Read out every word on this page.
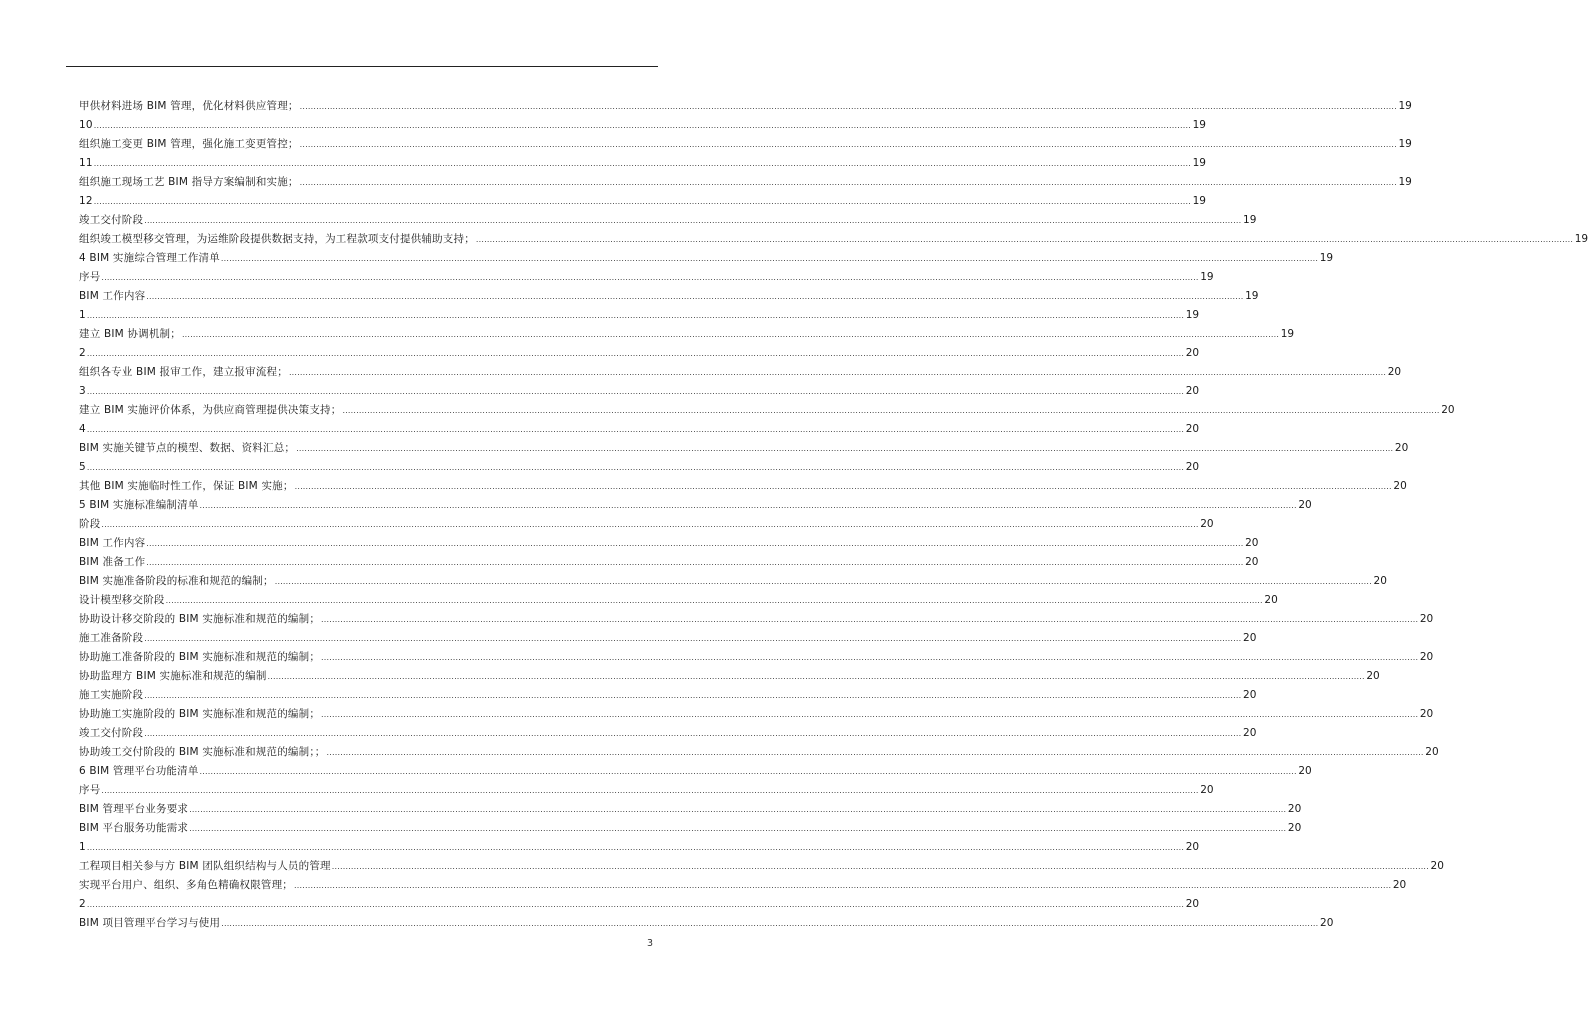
甲供材料进场 BIM 管理，优化材料供应管理； ................................................................................................................................................................................................................................................................................................................................................................................................................ 19
10 ................................................................................................................................................................................................................................................................................................................................................................................................................ 19
组织施工变更 BIM 管理，强化施工变更管控； ................................................................................................................................................................................................................................................................................................................................................................................................................ 19
11 ................................................................................................................................................................................................................................................................................................................................................................................................................ 19
组织施工现场工艺 BIM 指导方案编制和实施； ................................................................................................................................................................................................................................................................................................................................................................................................................ 19
12 ................................................................................................................................................................................................................................................................................................................................................................................................................ 19
竣工交付阶段 ................................................................................................................................................................................................................................................................................................................................................................................................................ 19
组织竣工模型移交管理，为运维阶段提供数据支持，为工程款项支付提供辅助支持； ................................................................................................................................................................................................................................................................................................................................................................................................................ 19
4 BIM 实施综合管理工作清单 ................................................................................................................................................................................................................................................................................................................................................................................................................ 19
序号 ................................................................................................................................................................................................................................................................................................................................................................................................................ 19
BIM 工作内容 ................................................................................................................................................................................................................................................................................................................................................................................................................ 19
1 ................................................................................................................................................................................................................................................................................................................................................................................................................ 19
建立 BIM 协调机制； ................................................................................................................................................................................................................................................................................................................................................................................................................ 19
2 ................................................................................................................................................................................................................................................................................................................................................................................................................ 20
组织各专业 BIM 报审工作，建立报审流程； ................................................................................................................................................................................................................................................................................................................................................................................................................ 20
3 ................................................................................................................................................................................................................................................................................................................................................................................................................ 20
建立 BIM 实施评价体系，为供应商管理提供决策支持； ................................................................................................................................................................................................................................................................................................................................................................................................................ 20
4 ................................................................................................................................................................................................................................................................................................................................................................................................................ 20
BIM 实施关键节点的模型、数据、资料汇总； ................................................................................................................................................................................................................................................................................................................................................................................................................ 20
5 ................................................................................................................................................................................................................................................................................................................................................................................................................ 20
其他 BIM 实施临时性工作，保证 BIM 实施； ................................................................................................................................................................................................................................................................................................................................................................................................................ 20
5 BIM 实施标准编制清单 ................................................................................................................................................................................................................................................................................................................................................................................................................ 20
阶段 ................................................................................................................................................................................................................................................................................................................................................................................................................ 20
BIM 工作内容 ................................................................................................................................................................................................................................................................................................................................................................................................................ 20
BIM 准备工作 ................................................................................................................................................................................................................................................................................................................................................................................................................ 20
BIM 实施准备阶段的标准和规范的编制； ................................................................................................................................................................................................................................................................................................................................................................................................................ 20
设计模型移交阶段 ................................................................................................................................................................................................................................................................................................................................................................................................................ 20
协助设计移交阶段的 BIM 实施标准和规范的编制； ................................................................................................................................................................................................................................................................................................................................................................................................................ 20
施工准备阶段 ................................................................................................................................................................................................................................................................................................................................................................................................................ 20
协助施工准备阶段的 BIM 实施标准和规范的编制； ................................................................................................................................................................................................................................................................................................................................................................................................................ 20
协助监理方 BIM 实施标准和规范的编制 ................................................................................................................................................................................................................................................................................................................................................................................................................ 20
施工实施阶段 ................................................................................................................................................................................................................................................................................................................................................................................................................ 20
协助施工实施阶段的 BIM 实施标准和规范的编制； ................................................................................................................................................................................................................................................................................................................................................................................................................ 20
竣工交付阶段 ................................................................................................................................................................................................................................................................................................................................................................................................................ 20
协助竣工交付阶段的 BIM 实施标准和规范的编制；； ................................................................................................................................................................................................................................................................................................................................................................................................................ 20
6 BIM 管理平台功能清单 ................................................................................................................................................................................................................................................................................................................................................................................................................ 20
序号 ................................................................................................................................................................................................................................................................................................................................................................................................................ 20
BIM 管理平台业务要求 ................................................................................................................................................................................................................................................................................................................................................................................................................ 20
BIM 平台服务功能需求 ................................................................................................................................................................................................................................................................................................................................................................................................................ 20
1 ................................................................................................................................................................................................................................................................................................................................................................................................................ 20
工程项目相关参与方 BIM 团队组织结构与人员的管理 ................................................................................................................................................................................................................................................................................................................................................................................................................ 20
实现平台用户、组织、多角色精确权限管理； ................................................................................................................................................................................................................................................................................................................................................................................................................ 20
2 ................................................................................................................................................................................................................................................................................................................................................................................................................ 20
BIM 项目管理平台学习与使用 ................................................................................................................................................................................................................................................................................................................................................................................................................ 20
3
